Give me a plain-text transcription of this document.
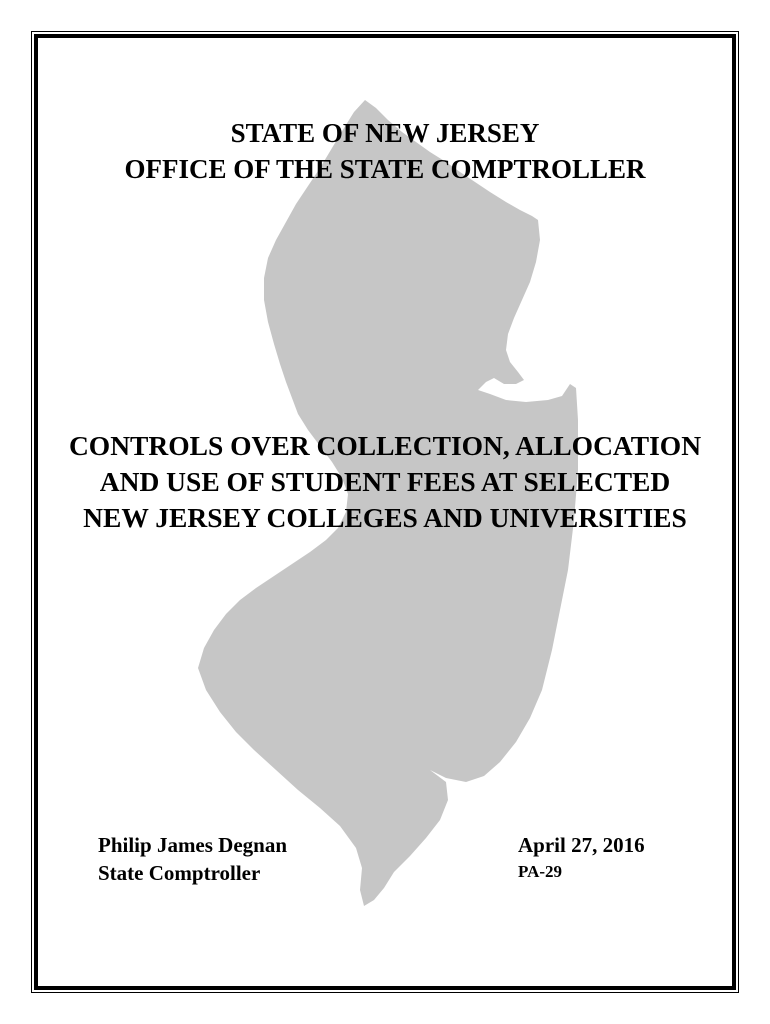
STATE OF NEW JERSEY
OFFICE OF THE STATE COMPTROLLER
CONTROLS OVER COLLECTION, ALLOCATION
AND USE OF STUDENT FEES AT SELECTED
NEW JERSEY COLLEGES AND UNIVERSITIES
Philip James Degnan
State Comptroller
April 27, 2016
PA-29
